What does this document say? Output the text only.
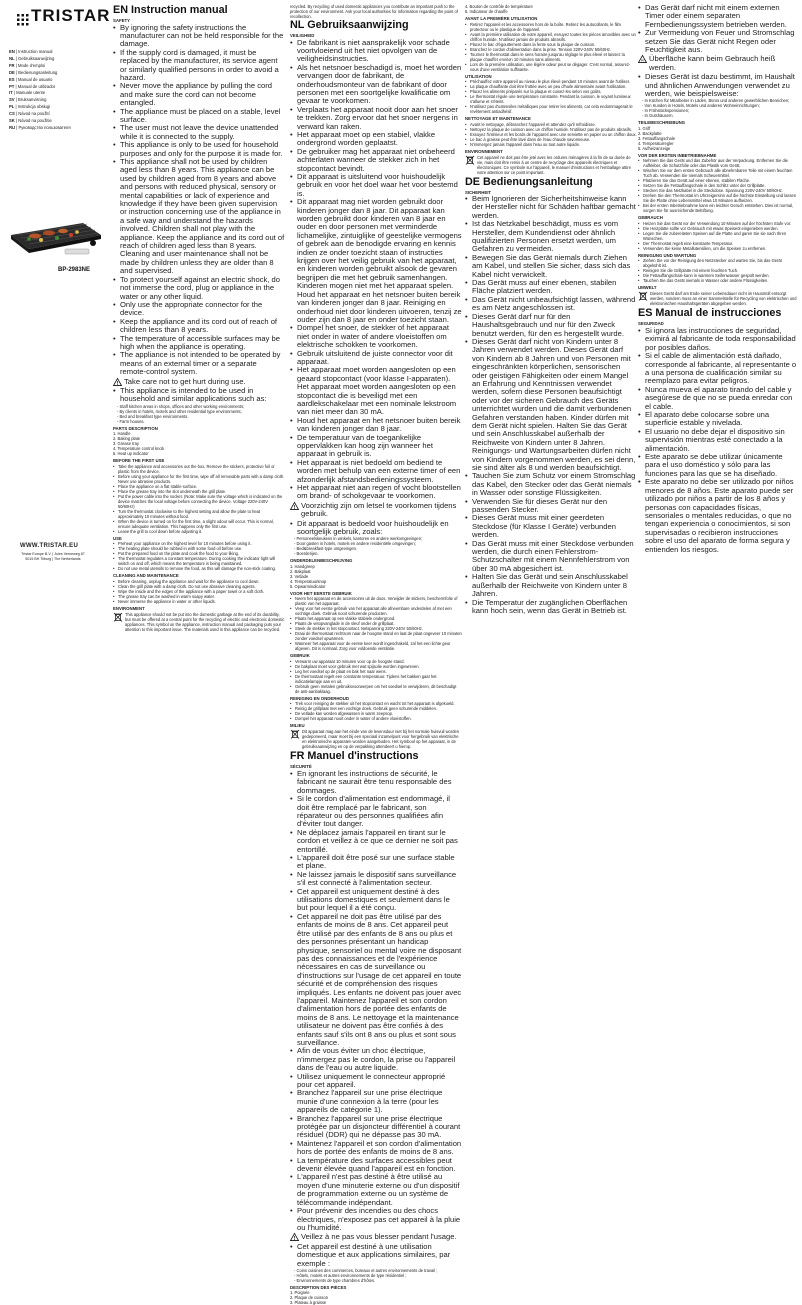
TRISTAR
EN | Instruction manual
NL | Gebruiksaanwijzing
FR | Mode d'emploi
DE | Bedienungsanleitung
ES | Manual de usuario
PT | Manual de utilizador
IT | Manuale utente
SV | Bruksanvisning
PL | Instrukcja obsługi
CS | Návod na použití
SK | Návod na použitie
RU | Руководство пользователя
BP-2983NE
WWW.TRISTAR.EU
Tristar Europe B.V. | Jules Verneweg 87
5015 BH Tilburg | The Netherlands
EN Instruction manual
SAFETY

• By ignoring the safety instructions the manufacturer can not be held responsible for the damage.

• If the supply cord is damaged, it must be replaced by the manufacturer, its service agent or similarly qualified persons in order to avoid a hazard.

• Never move the appliance by pulling the cord and make sure the cord can not become entangled.

• The appliance must be placed on a stable, level surface.

• The user must not leave the device unattended while it is connected to the supply.

• This appliance is only to be used for household purposes and only for the purpose it is made for.

• This appliance shall not be used by children aged less than 8 years. This appliance can be used by children aged from 8 years and above and persons with reduced physical, sensory or mental capabilities or lack of experience and knowledge if they have been given supervision or instruction concerning use of the appliance in a safe way and understand the hazards involved. Children shall not play with the appliance. Keep the appliance and its cord out of reach of children aged less than 8 years. Cleaning and user maintenance shall not be made by children unless they are older than 8 and supervised.

• To protect yourself against an electric shock, do not immerse the cord, plug or appliance in the water or any other liquid.

• Only use the appropriate connector for the device.

• Keep the appliance and its cord out of reach of children less than 8 years.

• The temperature of accessible surfaces may be high when the appliance is operating.

• The appliance is not intended to be operated by means of an external timer or a separate remote-control system.

! Take care not to get hurt during use.

• This appliance is intended to be used in household and similar applications such as:

- Staff kitchen areas in shops, offices and other working environments;

- By clients in hotels, motels and other residential type environments;

- Bed and breakfast type environments.

- Farm houses.

PARTS DESCRIPTION

1. Handle

2. Baking plate

3. Grease tray

4. Temperature control knob

5. Heat up indicator

BEFORE THE FIRST USE

• Take the appliance and accessories out the box. Remove the stickers, protective foil or plastic from the device.

• Before using your appliance for the first time, wipe off all removable parts with a damp cloth. Never use abrasive products.

• Place the appliance on a flat stable surface.

• Place the grease tray into the slot underneath the grill plate.

• Put the power cable into the socket. (Note: Make sure the voltage which is indicated on the device matches the local voltage before connecting the device. Voltage 220V-240V 50/60Hz)

• Turn the thermostat clockwise to the highest setting and allow the plate to heat approximately 10 minutes without food.

• When the device is turned on for the first time, a slight odour will occur. This is normal, ensure adequate ventilation. This happens only the first use.

• Leave the grill to cool down before adjusting it.

USE

• Preheat your appliance on the highest level for 10 minutes before using it.

• The heating plate should be rubbed in with some food oil before use.

• Put the prepared food on the plate and cook the food to your liking.

• The thermostat regulates a constant temperature. During cooking the indicator light will switch on and off, which means the temperature is being maintained.

• Do not use metal utensils to remove the food, as this will damage the non-stick coating.

CLEANING AND MAINTENANCE

• Before cleaning, unplug the appliance and wait for the appliance to cool down.

• Clean the grill plate with a damp cloth. Do not use abrasive cleaning agents.

• Wipe the inside and the edges of the appliance with a paper towel or a soft cloth.

• The grease tray can be washed in warm soapy water.

• Never immerse the appliance in water or other liquids.

ENVIRONMENT
This appliance should not be put into the domestic garbage at the end of its durability, but must be offered at a central point for the recycling of electric and electronic domestic appliances. This symbol on the appliance, instruction manual and packaging puts your attention to this important issue. The materials used in this appliance can be recycled.

recycled. By recycling of used domestic appliances you contribute an important push to the protection of our environment. Ask your local authorities for information regarding the point of recollection.

NL Gebruiksaanwijzing
VEILIGHEID

• De fabrikant is niet aansprakelijk voor schade voortvloeiend uit het niet opvolgen van de veiligheidsinstructies.

• Als het netsnoer beschadigd is, moet het worden vervangen door de fabrikant, de onderhoudsmonteur van de fabrikant of door personen met een soortgelijke kwalificatie om gevaar te voorkomen.

• Verplaats het apparaat nooit door aan het snoer te trekken. Zorg ervoor dat het snoer nergens in verward kan raken.

• Het apparaat moet op een stabiel, vlakke ondergrond worden geplaatst.

• De gebruiker mag het apparaat niet onbeheerd achterlaten wanneer de stekker zich in het stopcontact bevindt.

• Dit apparaat is uitsluitend voor huishoudelijk gebruik en voor het doel waar het voor bestemd is.

• Dit apparaat mag niet worden gebruikt door kinderen jonger dan 8 jaar. Dit apparaat kan worden gebruikt door kinderen van 8 jaar en ouder en door personen met verminderde lichamelijke, zintuiglijke of geestelijke vermogens of gebrek aan de benodigde ervaring en kennis indien ze onder toezicht staan of instructies krijgen over het veilig gebruik van het apparaat, en kinderen worden gebruikt alsook de gevaren begrijpen die met het gebruik samenhangen. Kinderen mogen niet met het apparaat spelen. Houd het apparaat en het netsnoer buiten bereik van kinderen jonger dan 8 jaar. Reiniging en onderhoud niet door kinderen uitvoeren, tenzij ze ouder zijn dan 8 jaar en onder toezicht staan.

• Dompel het snoer, de stekker of het apparaat niet onder in water of andere vloeistoffen om elektrische schokken te voorkomen.

• Gebruik uitsluitend de juiste connector voor dit apparaat.

• Het apparaat moet worden aangesloten op een geaard stopcontact (voor klasse I-apparaten). Het apparaat moet worden aangesloten op een stopcontact die is beveiligd met een aardlekschakelaar met een nominale lekstroom van niet meer dan 30 mA.

• Houd het apparaat en het netsnoer buiten bereik van kinderen jonger dan 8 jaar.

• De temperatuur van de toegankelijke oppervlakken kan hoog zijn wanneer het apparaat in gebruik is.

• Het apparaat is niet bedoeld om bediend te worden met behulp van een externe timer of een afzonderlijk afstandsbedieningssysteem.

• Het apparaat niet aan regen of vocht blootstellen om brand- of schokgevaar te voorkomen.

! Voorzichtig zijn om letsel te voorkomen tijdens gebruik.

• Dit apparaat is bedoeld voor huishoudelijk en soortgelijk gebruik, zoals:

- Personeelskeukens in winkels, kantoren en andere werkomgevingen;

- Door gasten in hotels, motels en andere residentiële omgevingen;

- Bed&breakfast-type omgevingen.

- Boerderijen.

ONDERDELENBESCHRIJVING

1. Handgreep

2. Bakplaat

3. Vetlade

4. Temperatuurknop

5. Opwarmindicator

VOOR HET EERSTE GEBRUIK

• Neem het apparaat en de accessoires uit de doos. Verwijder de stickers, beschermfolie of plastic van het apparaat.

• Veeg voor het eerste gebruik van het apparaat alle afneembare onderdelen af met een vochtige doek. Gebruik nooit schurende producten.

• Plaats het apparaat op een vlakke stabiele ondergrond.

• Plaats de vetopvanglade in de sleuf onder de grillplaat.

• Steek de stekker in het stopcontact. Netspanning 220V-240V 50/60Hz.

• Draai de thermostaat rechtsom naar de hoogste stand en laat de plaat ongeveer 10 minuten zonder voedsel opwarmen.

• Wanneer het apparaat voor de eerste keer wordt ingeschakeld, zal het een lichte geur afgeven. Dit is normaal. Zorg voor voldoende ventilatie.

GEBRUIK

• Verwarm uw apparaat 10 minuten voor op de hoogste stand.

• De bakplaat moet voor gebruik met wat spijsolie worden ingewreven.

• Leg het voedsel op de plaat en bak het naar wens.

• De thermostaat regelt een constante temperatuur. Tijdens het bakken gaat het indicatielampje aan en uit.

• Gebruik geen metalen gebruiksvoorwerpen om het voedsel te verwijderen, dit beschadigt de anti-aanbaklaag.

REINIGING EN ONDERHOUD

• Trek voor reiniging de stekker uit het stopcontact en wacht tot het apparaat is afgekoeld.

• Reinig de grillplaat met een vochtige doek. Gebruik geen schurende middelen.

• De vetlade kan worden afgewassen in warm zeepsop.

• Dompel het apparaat nooit onder in water of andere vloeistoffen.

MILIEU
Dit apparaat mag aan het einde van de levensduur niet bij het normale huisvuil worden gedeponeerd, maar moet bij een speciaal inzamelpunt voor hergebruik van elektrische en elektronische apparaten worden aangeboden. Het symbool op het apparaat, in de gebruiksaanwijzing en op de verpakking attendeert u hierop.
FR Manuel d'instructions
SÉCURITÉ

• En ignorant les instructions de sécurité, le fabricant ne saurait être tenu responsable des dommages.

• Si le cordon d'alimentation est endommagé, il doit être remplacé par le fabricant, son réparateur ou des personnes qualifiées afin d'éviter tout danger.

• Ne déplacez jamais l'appareil en tirant sur le cordon et veillez à ce que ce dernier ne soit pas entortillé.

• L'appareil doit être posé sur une surface stable et plane.

• Ne laissez jamais le dispositif sans surveillance s'il est connecté à l'alimentation secteur.

• Cet appareil est uniquement destiné à des utilisations domestiques et seulement dans le but pour lequel il a été conçu.

• Cet appareil ne doit pas être utilisé par des enfants de moins de 8 ans. Cet appareil peut être utilisé par des enfants de 8 ans ou plus et des personnes présentant un handicap physique, sensoriel ou mental voire ne disposant pas des connaissances et de l'expérience nécessaires en cas de surveillance ou d'instructions sur l'usage de cet appareil en toute sécurité et de compréhension des risques impliqués. Les enfants ne doivent pas jouer avec l'appareil. Maintenez l'appareil et son cordon d'alimentation hors de portée des enfants de moins de 8 ans. Le nettoyage et la maintenance utilisateur ne doivent pas être confiés à des enfants sauf s'ils ont 8 ans ou plus et sont sous surveillance.

• Afin de vous éviter un choc électrique, n'immergez pas le cordon, la prise ou l'appareil dans de l'eau ou autre liquide.

• Utilisez uniquement le connecteur approprié pour cet appareil.

• Branchez l'appareil sur une prise électrique munie d'une connexion à la terre (pour les appareils de catégorie 1).

• Branchez l'appareil sur une prise électrique protégée par un disjoncteur différentiel à courant résiduel (DDR) qui ne dépasse pas 30 mA.

• Maintenez l'appareil et son cordon d'alimentation hors de portée des enfants de moins de 8 ans.

• La température des surfaces accessibles peut devenir élevée quand l'appareil est en fonction.

• L'appareil n'est pas destiné à être utilisé au moyen d'une minuterie externe ou d'un dispositif de programmation externe ou un système de télécommande indépendant.

• Pour prévenir des incendies ou des chocs électriques, n'exposez pas cet appareil à la pluie ou l'humidité.

! Veillez à ne pas vous blesser pendant l'usage.

• Cet appareil est destiné à une utilisation domestique et aux applications similaires, par exemple :

- Coins cuisines des commerces, bureaux et autres environnements de travail ;

- Hôtels, motels et autres environnements de type résidentiel ;

- Environnements de type chambres d'hôtes.

DESCRIPTION DES PIÈCES

1. Poignée

2. Plaque de cuisson

3. Plateau à graisse

4. Bouton de contrôle de température

5. Indicateur de chauffe

AVANT LA PREMIÈRE UTILISATION

• Retirez l'appareil et les accessoires hors de la boîte. Retirez les autocollants, le film protecteur ou le plastique de l'appareil.

• Avant la première utilisation de votre appareil, essuyez toutes les pièces amovibles avec un chiffon humide. N'utilisez jamais de produits abrasifs.

• Placez le bac d'égouttement dans la fente sous la plaque de cuisson.

• Branchez le cordon d'alimentation dans la prise. Tension 220V-240V 50/60Hz.

• Tournez le thermostat dans le sens horaire jusqu'au réglage le plus élevé et laissez la plaque chauffer environ 10 minutes sans aliments.

• Lors de la première utilisation, une légère odeur peut se dégager. C'est normal, assurez-vous d'une ventilation suffisante.

UTILISATION

• Préchauffez votre appareil au niveau le plus élevé pendant 10 minutes avant de l'utiliser.

• La plaque chauffante doit être frottée avec un peu d'huile alimentaire avant l'utilisation.

• Placez les aliments préparés sur la plaque et cuisez-les selon vos goûts.

• Le thermostat régule une température constante. Pendant la cuisson, le voyant lumineux s'allume et s'éteint.

• N'utilisez pas d'ustensiles métalliques pour retirer les aliments, car cela endommagerait le revêtement antiadhésif.

NETTOYAGE ET MAINTENANCE

• Avant le nettoyage, débranchez l'appareil et attendez qu'il refroidisse.

• Nettoyez la plaque de cuisson avec un chiffon humide. N'utilisez pas de produits abrasifs.

• Essuyez l'intérieur et les bords de l'appareil avec une serviette en papier ou un chiffon doux.

• Le bac à graisse peut être lavé dans de l'eau chaude savonneuse.

• N'immergez jamais l'appareil dans l'eau ou tout autre liquide.

ENVIRONNEMENT
Cet appareil ne doit pas être jeté avec les ordures ménagères à la fin de sa durée de vie, mais doit être remis à un centre de recyclage des appareils électriques et électroniques. Ce symbole sur l'appareil, le manuel d'instructions et l'emballage attire votre attention sur ce point important.
DE Bedienungsanleitung
SICHERHEIT

• Beim Ignorieren der Sicherheitshinweise kann der Hersteller nicht für Schäden haftbar gemacht werden.

• Ist das Netzkabel beschädigt, muss es vom Hersteller, dem Kundendienst oder ähnlich qualifizierten Personen ersetzt werden, um Gefahren zu vermeiden.

• Bewegen Sie das Gerät niemals durch Ziehen am Kabel, und stellen Sie sicher, dass sich das Kabel nicht verwickelt.

• Das Gerät muss auf einer ebenen, stabilen Fläche platziert werden.

• Das Gerät nicht unbeaufsichtigt lassen, während es am Netz angeschlossen ist.

• Dieses Gerät darf nur für den Haushaltsgebrauch und nur für den Zweck benutzt werden, für den es hergestellt wurde.

• Dieses Gerät darf nicht von Kindern unter 8 Jahren verwendet werden. Dieses Gerät darf von Kindern ab 8 Jahren und von Personen mit eingeschränkten körperlichen, sensorischen oder geistigen Fähigkeiten oder einem Mangel an Erfahrung und Kenntnissen verwendet werden, sofern diese Personen beaufsichtigt oder vor der sicheren Gebrauch des Geräts unterrichtet wurden und die damit verbundenen Gefahren verstanden haben. Kinder dürfen mit dem Gerät nicht spielen. Halten Sie das Gerät und sein Anschlusskabel außerhalb der Reichweite von Kindern unter 8 Jahren. Reinigungs- und Wartungsarbeiten dürfen nicht von Kindern vorgenommen werden, es sei denn, sie sind älter als 8 und werden beaufsichtigt.

• Tauchen Sie zum Schutz vor einem Stromschlag das Kabel, den Stecker oder das Gerät niemals in Wasser oder sonstige Flüssigkeiten.

• Verwenden Sie für dieses Gerät nur den passenden Stecker.

• Dieses Gerät muss mit einer geerdeten Steckdose (für Klasse I Geräte) verbunden werden.

• Das Gerät muss mit einer Steckdose verbunden werden, die durch einen Fehlerstrom-Schutzschalter mit einem Nennfehlerstrom von über 30 mA abgesichert ist.

• Halten Sie das Gerät und sein Anschlusskabel außerhalb der Reichweite von Kindern unter 8 Jahren.

• Die Temperatur der zugänglichen Oberflächen kann hoch sein, wenn das Gerät in Betrieb ist.

• Das Gerät darf nicht mit einem externen Timer oder einem separaten Fernbedienungssystem betrieben werden.

• Zur Vermeidung von Feuer und Stromschlag setzen Sie das Gerät nicht Regen oder Feuchtigkeit aus.

Überfläche kann beim Gebrauch heiß werden.

• Dieses Gerät ist dazu bestimmt, im Haushalt und ähnlichen Anwendungen verwendet zu werden, wie beispielsweise:

- In Küchen für Mitarbeiter in Läden, Büros und anderen gewerblichen Bereichen;

- Von Kunden in Hotels, Motels und anderen Wohneinrichtungen;

- In Frühstückspensionen;

- In Gutshäusern.

TEILEBESCHREIBUNG

1. Griff

2. Backplatte

3. Fettauffangschale

4. Temperaturregler

5. Aufheizanzeige

VOR DER ERSTEN INBETRIEBNAHME

• Nehmen Sie das Gerät und das Zubehör aus der Verpackung. Entfernen Sie die Aufkleber, die Schutzfolie oder das Plastik vom Gerät.

• Wischen Sie vor dem ersten Gebrauch alle abnehmbaren Teile mit einem feuchten Tuch ab. Verwenden Sie niemals Scheuermittel.

• Platzieren Sie das Gerät auf einer ebenen, stabilen Fläche.

• Setzen Sie die Fettauffangschale in den Schlitz unter der Grillplatte.

• Stecken Sie das Netzkabel in die Steckdose. Spannung 220V-240V 50/60Hz.

• Drehen Sie den Thermostat im Uhrzeigersinn auf die höchste Einstellung und lassen Sie die Platte ohne Lebensmittel etwa 10 Minuten aufheizen.

• Bei der ersten Inbetriebnahme kann ein leichter Geruch entstehen. Dies ist normal, sorgen Sie für ausreichende Belüftung.

GEBRAUCH

• Heizen Sie das Gerät vor der Verwendung 10 Minuten auf der höchsten Stufe vor.

• Die Heizplatte sollte vor Gebrauch mit etwas Speiseöl eingerieben werden.

• Legen Sie die zubereiteten Speisen auf die Platte und garen Sie sie nach Ihren Wünschen.

• Der Thermostat regelt eine konstante Temperatur.

• Verwenden Sie keine Metallutensilien, um die Speisen zu entfernen.

REINIGUNG UND WARTUNG

• Ziehen Sie vor der Reinigung den Netzstecker und warten Sie, bis das Gerät abgekühlt ist.

• Reinigen Sie die Grillplatte mit einem feuchten Tuch.

• Die Fettauffangschale kann in warmem Seifenwasser gespült werden.

• Tauchen Sie das Gerät niemals in Wasser oder andere Flüssigkeiten.

UMWELT
Dieses Gerät darf am Ende seiner Lebensdauer nicht im Hausmüll entsorgt werden, sondern muss an einer Sammelstelle für Recycling von elektrischen und elektronischen Haushaltsgeräten abgegeben werden.
ES Manual de instrucciones
SEGURIDAD

• Si ignora las instrucciones de seguridad, eximirá al fabricante de toda responsabilidad por posibles daños.

• Si el cable de alimentación está dañado, corresponde al fabricante, al representante o a una persona de cualificación similar su reemplazo para evitar peligros.

• Nunca mueva el aparato tirando del cable y asegúrese de que no se pueda enredar con el cable.

• El aparato debe colocarse sobre una superficie estable y nivelada.

• El usuario no debe dejar el dispositivo sin supervisión mientras esté conectado a la alimentación.

• Este aparato se debe utilizar únicamente para el uso doméstico y sólo para las funciones para las que se ha diseñado.

• Este aparato no debe ser utilizado por niños menores de 8 años. Este aparato puede ser utilizado por niños a partir de los 8 años y personas con capacidades físicas, sensoriales o mentales reducidas, o que no tengan experiencia o conocimientos, si son supervisadas o recibieron instrucciones sobre el uso del aparato de forma segura y entienden los riesgos.
